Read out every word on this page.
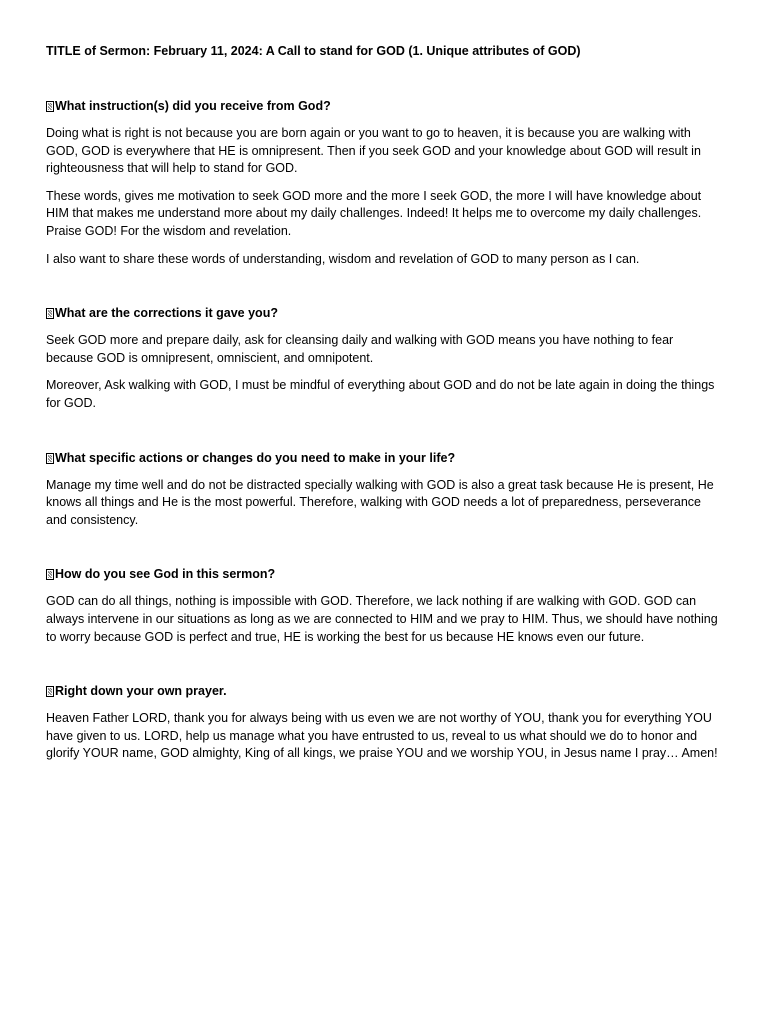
TITLE of Sermon: February 11, 2024: A Call to stand for GOD (1. Unique attributes of GOD)
What instruction(s) did you receive from God?

Doing what is right is not because you are born again or you want to go to heaven, it is because you are walking with GOD, GOD is everywhere that HE is omnipresent. Then if you seek GOD and your knowledge about GOD will result in righteousness that will help to stand for GOD.

These words, gives me motivation to seek GOD more and the more I seek GOD, the more I will have knowledge about HIM that makes me understand more about my daily challenges. Indeed! It helps me to overcome my daily challenges. Praise GOD! For the wisdom and revelation.

I also want to share these words of understanding, wisdom and revelation of GOD to many person as I can.

What are the corrections it gave you?

Seek GOD more and prepare daily, ask for cleansing daily and walking with GOD means you have nothing to fear because GOD is omnipresent, omniscient, and omnipotent.

Moreover, Ask walking with GOD, I must be mindful of everything about GOD and do not be late again in doing the things for GOD.

What specific actions or changes do you need to make in your life?

Manage my time well and do not be distracted specially walking with GOD is also a great task because He is present, He knows all things and He is the most powerful. Therefore, walking with GOD needs a lot of preparedness, perseverance and consistency.

How do you see God in this sermon?

GOD can do all things, nothing is impossible with GOD. Therefore, we lack nothing if are walking with GOD. GOD can always intervene in our situations as long as we are connected to HIM and we pray to HIM. Thus, we should have nothing to worry because GOD is perfect and true, HE is working the best for us because HE knows even our future.

Right down your own prayer.

Heaven Father LORD, thank you for always being with us even we are not worthy of YOU, thank you for everything YOU have given to us. LORD, help us manage what you have entrusted to us, reveal to us what should we do to honor and glorify YOUR name, GOD almighty, King of all kings, we praise YOU and we worship YOU, in Jesus name I pray… Amen!
